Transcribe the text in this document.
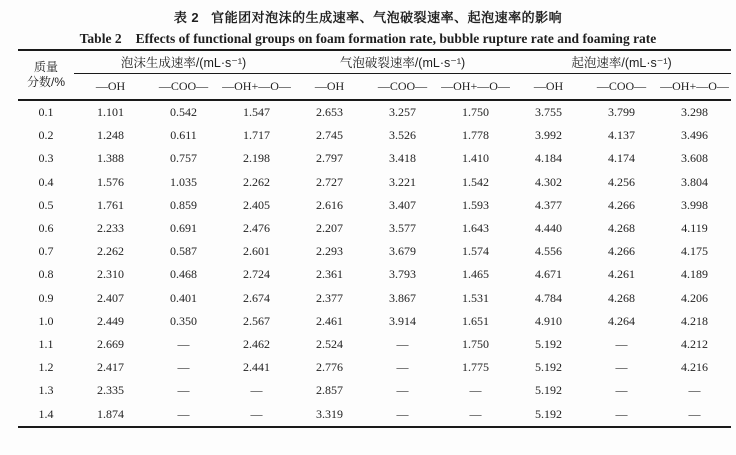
表 2 官能团对泡沫的生成速率、气泡破裂速率、起泡速率的影响
Table 2 Effects of functional groups on foam formation rate, bubble rupture rate and foaming rate
质量
分数/%	泡沫生成速率/(mL·s⁻¹)			气泡破裂速率/(mL·s⁻¹)			起泡速率/(mL·s⁻¹)		
	—OH	—COO—	—OH+—O—	—OH	—COO—	—OH+—O—	—OH	—COO—	—OH+—O—
0.1	1.101	0.542	1.547	2.653	3.257	1.750	3.755	3.799	3.298
0.2	1.248	0.611	1.717	2.745	3.526	1.778	3.992	4.137	3.496
0.3	1.388	0.757	2.198	2.797	3.418	1.410	4.184	4.174	3.608
0.4	1.576	1.035	2.262	2.727	3.221	1.542	4.302	4.256	3.804
0.5	1.761	0.859	2.405	2.616	3.407	1.593	4.377	4.266	3.998
0.6	2.233	0.691	2.476	2.207	3.577	1.643	4.440	4.268	4.119
0.7	2.262	0.587	2.601	2.293	3.679	1.574	4.556	4.266	4.175
0.8	2.310	0.468	2.724	2.361	3.793	1.465	4.671	4.261	4.189
0.9	2.407	0.401	2.674	2.377	3.867	1.531	4.784	4.268	4.206
1.0	2.449	0.350	2.567	2.461	3.914	1.651	4.910	4.264	4.218
1.1	2.669	—	2.462	2.524	—	1.750	5.192	—	4.212
1.2	2.417	—	2.441	2.776	—	1.775	5.192	—	4.216
1.3	2.335	—	—	2.857	—	—	5.192	—	—
1.4	1.874	—	—	3.319	—	—	5.192	—	—
